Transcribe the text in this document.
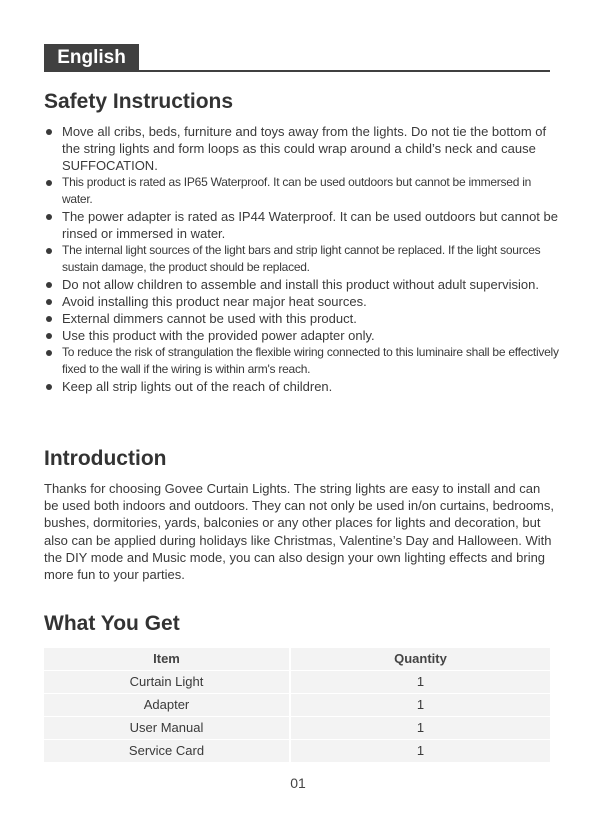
English
Safety Instructions
Move all cribs, beds, furniture and toys away from the lights. Do not tie the bottom of the string lights and form loops as this could wrap around a child’s neck and cause SUFFOCATION.
This product is rated as IP65 Waterproof. It can be used outdoors but cannot be immersed in water.
The power adapter is rated as IP44 Waterproof. It can be used outdoors but cannot be rinsed or immersed in water.
The internal light sources of the light bars and strip light cannot be replaced. If the light sources sustain damage, the product should be replaced.
Do not allow children to assemble and install this product without adult supervision.
Avoid installing this product near major heat sources.
External dimmers cannot be used with this product.
Use this product with the provided power adapter only.
To reduce the risk of strangulation the flexible wiring connected to this luminaire shall be effectively fixed to the wall if the wiring is within arm's reach.
Keep all strip lights out of the reach of children.
Introduction

Thanks for choosing Govee Curtain Lights. The string lights are easy to install and can be used both indoors and outdoors. They can not only be used in/on curtains, bedrooms, bushes, dormitories, yards, balconies or any other places for lights and decoration, but also can be applied during holidays like Christmas, Valentine’s Day and Halloween. With the DIY mode and Music mode, you can also design your own lighting effects and bring more fun to your parties.

What You Get
Item	Quantity
Curtain Light	1
Adapter	1
User Manual	1
Service Card	1
01
